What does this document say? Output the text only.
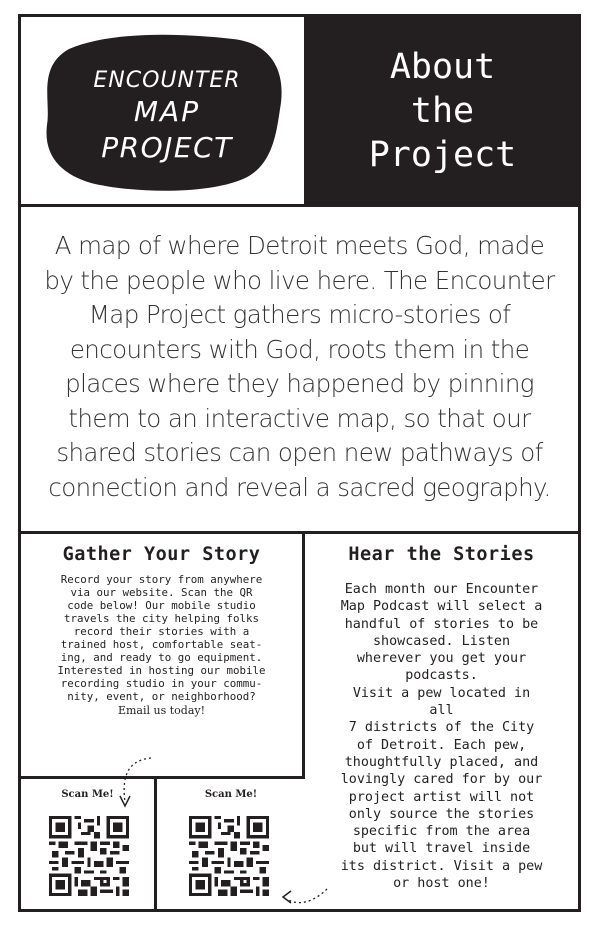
ENCOUNTER
MAP
PROJECT
About
the
Project

A map of where Detroit meets God, made by the people who live here. The Encounter Map Project gathers micro-stories of encounters with God, roots them in the places where they happened by pinning them to an interactive map, so that our shared stories can open new pathways of connection and reveal a sacred geography.

Gather Your Story
Record your story from anywhere
via our website. Scan the QR
code below! Our mobile studio
travels the city helping folks
record their stories with a
trained host, comfortable seat-
ing, and ready to go equipment.
Interested in hosting our mobile
recording studio in your commu-
nity, event, or neighborhood?
Email us today!
Hear the Stories
Each month our Encounter
Map Podcast will select a
handful of stories to be
showcased. Listen
wherever you get your
podcasts.
Visit a pew located in
all
7 districts of the City
of Detroit. Each pew,
thoughtfully placed, and
lovingly cared for by our
project artist will not
only source the stories
specific from the area
but will travel inside
its district. Visit a pew
or host one!
Scan Me!	Scan Me!
